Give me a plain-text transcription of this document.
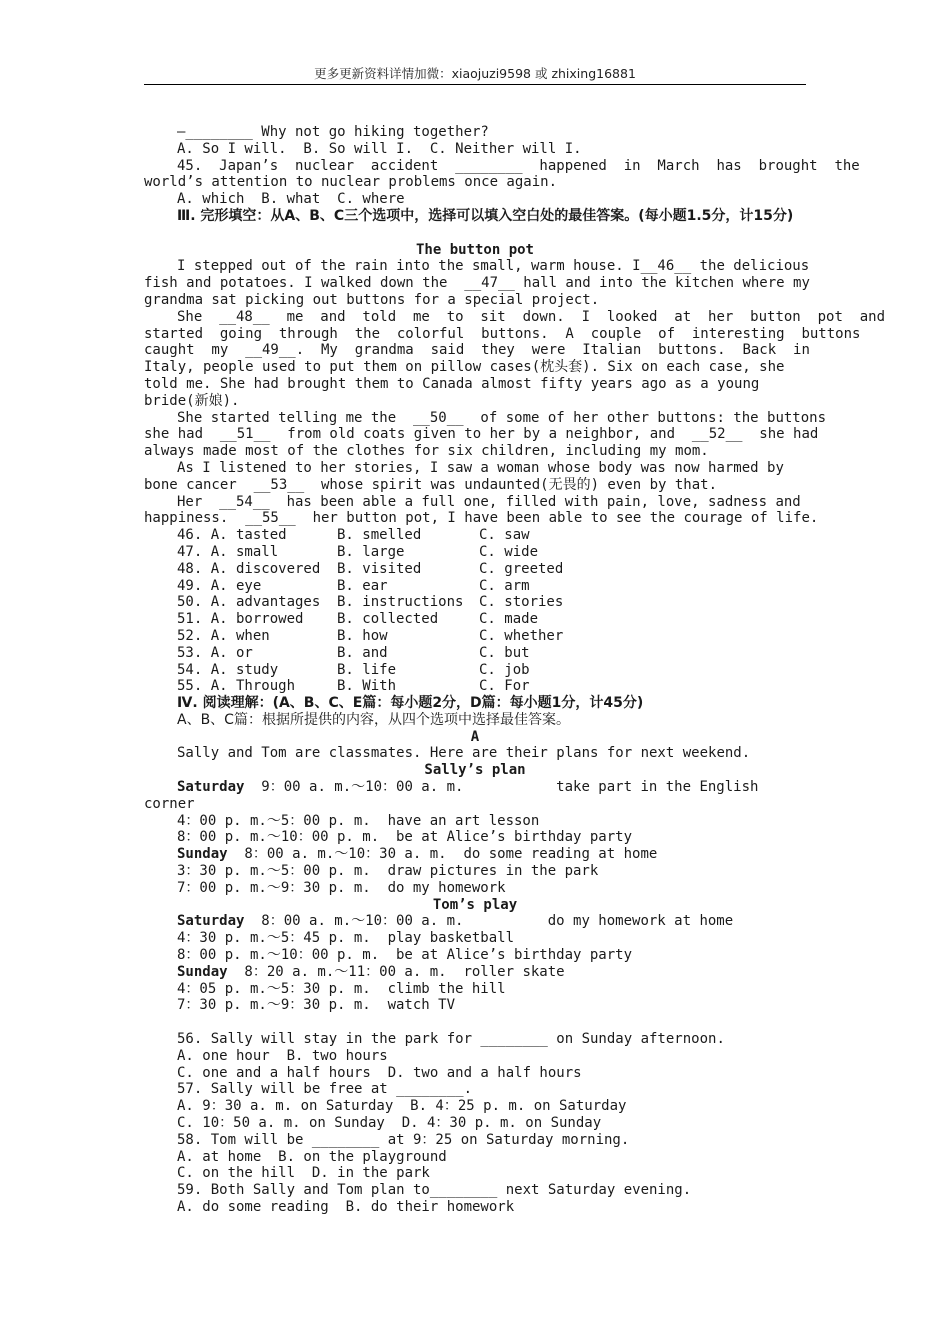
更多更新资料详情加微：xiaojuzi9598 或 zhixing16881
—________ Why not go hiking together?
A. So I will.  B. So will I.  C. Neither will I.
45.  Japan’s  nuclear  accident  ________  happened  in  March  has  brought  the
world’s attention to nuclear problems once again.
A. which  B. what  C. where
Ⅲ. 完形填空：从A、B、C三个选项中，选择可以填入空白处的最佳答案。(每小题1.5分，计15分)
The button pot
I stepped out of the rain into the small, warm house. I__46__ the delicious
fish and potatoes. I walked down the  __47__ hall and into the kitchen where my
grandma sat picking out buttons for a special project.
She  __48__  me  and  told  me  to  sit  down.  I  looked  at  her  button  pot  and
started  going  through  the  colorful  buttons.  A  couple  of  interesting  buttons
caught  my  __49__.  My  grandma  said  they  were  Italian  buttons.  Back  in
Italy, people used to put them on pillow cases(枕头套). Six on each case, she
told me. She had brought them to Canada almost fifty years ago as a young
bride(新娘).
She started telling me the  __50__  of some of her other buttons: the buttons
she had  __51__  from old coats given to her by a neighbor, and  __52__  she had
always made most of the clothes for six children, including my mom.
As I listened to her stories, I saw a woman whose body was now harmed by
bone cancer  __53__  whose spirit was undaunted(无畏的) even by that.
Her  __54__  has been able a full one, filled with pain, love, sadness and
happiness.  __55__  her button pot, I have been able to see the courage of life.
46. A. tasted	B. smelled	C. saw
47. A. small	B. large	C. wide
48. A. discovered	B. visited	C. greeted
49. A. eye	B. ear	C. arm
50. A. advantages	B. instructions	C. stories
51. A. borrowed	B. collected	C. made
52. A. when	B. how	C. whether
53. A. or	B. and	C. but
54. A. study	B. life	C. job
55. A. Through	B. With	C. For
Ⅳ. 阅读理解：(A、B、C、E篇：每小题2分，D篇：每小题1分，计45分)
A、B、C篇：根据所提供的内容，从四个选项中选择最佳答案。
A
Sally and Tom are classmates. Here are their plans for next weekend.
Sally’s plan
Saturday  9：00 a. m.～10：00 a. m.           take part in the English
corner
4：00 p. m.～5：00 p. m.  have an art lesson
8：00 p. m.～10：00 p. m.  be at Alice’s birthday party
Sunday  8：00 a. m.～10：30 a. m.  do some reading at home
3：30 p. m.～5：00 p. m.  draw pictures in the park
7：00 p. m.～9：30 p. m.  do my homework
Tom’s play
Saturday  8：00 a. m.～10：00 a. m.          do my homework at home
4：30 p. m.～5：45 p. m.  play basketball
8：00 p. m.～10：00 p. m.  be at Alice’s birthday party
Sunday  8：20 a. m.～11：00 a. m.  roller skate
4：05 p. m.～5：30 p. m.  climb the hill
7：30 p. m.～9：30 p. m.  watch TV
56. Sally will stay in the park for ________ on Sunday afternoon.
A. one hour  B. two hours
C. one and a half hours  D. two and a half hours
57. Sally will be free at ________.
A. 9：30 a. m. on Saturday  B. 4：25 p. m. on Saturday
C. 10：50 a. m. on Sunday  D. 4：30 p. m. on Sunday
58. Tom will be ________ at 9：25 on Saturday morning.
A. at home  B. on the playground
C. on the hill  D. in the park
59. Both Sally and Tom plan to________ next Saturday evening.
A. do some reading  B. do their homework
